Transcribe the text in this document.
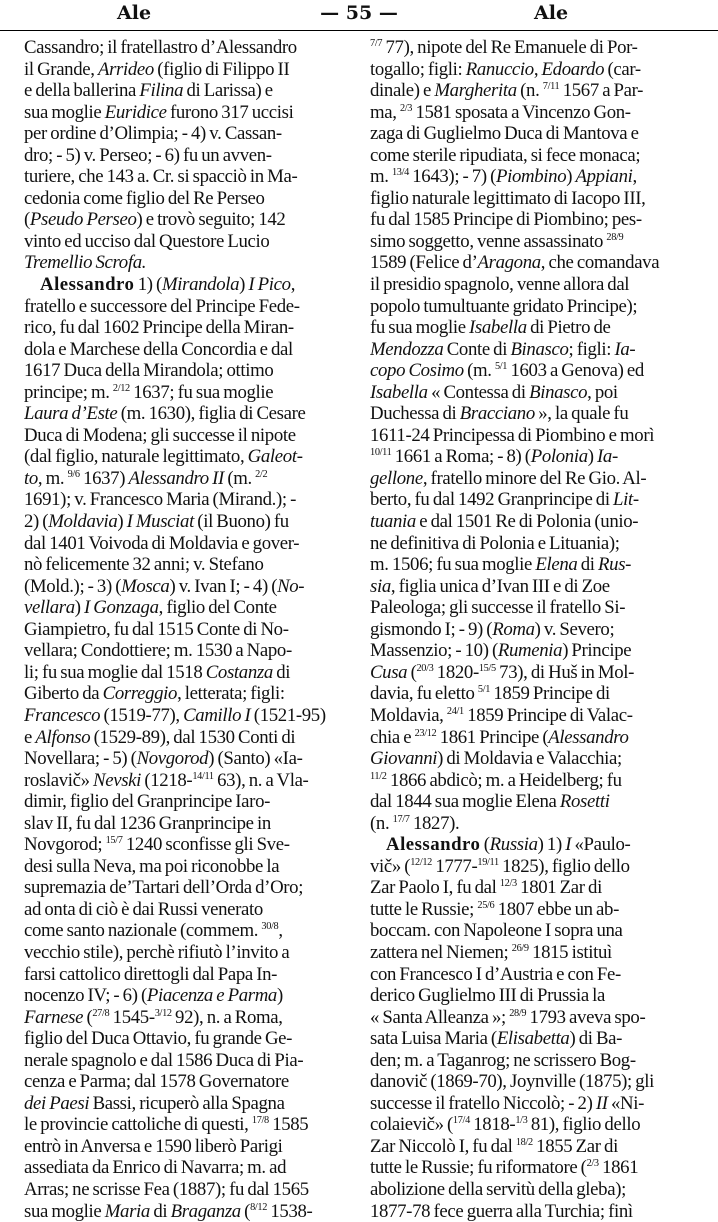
Ale	— 55 —	Ale
Cassandro; il fratellastro d’Alessandro
il Grande, Arrideo (figlio di Filippo II
e della ballerina Filina di Larissa) e
sua moglie Euridice furono 317 uccisi
per ordine d’Olimpia; - 4) v. Cassan-
dro; - 5) v. Perseo; - 6) fu un avven-
turiere, che 143 a. Cr. si spacciò in Ma-
cedonia come figlio del Re Perseo
(Pseudo Perseo) e trovò seguito; 142
vinto ed ucciso dal Questore Lucio
Tremellio Scrofa.
Alessandro 1) (Mirandola) I Pico,
fratello e successore del Principe Fede-
rico, fu dal 1602 Principe della Miran-
dola e Marchese della Concordia e dal
1617 Duca della Mirandola; ottimo
principe; m. $^{2/12}$ 1637; fu sua moglie
Laura d’Este (m. 1630), figlia di Cesare
Duca di Modena; gli successe il nipote
(dal figlio, naturale legittimato, Galeot-
to, m. $^{9/6}$ 1637) Alessandro II (m. $^{2/2}$
1691); v. Francesco Maria (Mirand.); -
2) (Moldavia) I Musciat (il Buono) fu
dal 1401 Voivoda di Moldavia e gover-
nò felicemente 32 anni; v. Stefano
(Mold.); - 3) (Mosca) v. Ivan I; - 4) (No-
vellara) I Gonzaga, figlio del Conte
Giampietro, fu dal 1515 Conte di No-
vellara; Condottiere; m. 1530 a Napo-
li; fu sua moglie dal 1518 Costanza di
Giberto da Correggio, letterata; figli:
Francesco (1519-77), Camillo I (1521-95)
e Alfonso (1529-89), dal 1530 Conti di
Novellara; - 5) (Novgorod) (Santo) «Ia-
roslavič» Nevski (1218-$^{14/11}$ 63), n. a Vla-
dimir, figlio del Granprincipe Iaro-
slav II, fu dal 1236 Granprincipe in
Novgorod; $^{15/7}$ 1240 sconfisse gli Sve-
desi sulla Neva, ma poi riconobbe la
supremazia de’Tartari dell’Orda d’Oro;
ad onta di ciò è dai Russi venerato
come santo nazionale (commem. $^{30/8}$,
vecchio stile), perchè rifiutò l’invito a
farsi cattolico direttogli dal Papa In-
nocenzo IV; - 6) (Piacenza e Parma)
Farnese ($^{27/8}$ 1545-$^{3/12}$ 92), n. a Roma,
figlio del Duca Ottavio, fu grande Ge-
nerale spagnolo e dal 1586 Duca di Pia-
cenza e Parma; dal 1578 Governatore
dei Paesi Bassi, ricuperò alla Spagna
le provincie cattoliche di questi, $^{17/8}$ 1585
entrò in Anversa e 1590 liberò Parigi
assediata da Enrico di Navarra; m. ad
Arras; ne scrisse Fea (1887); fu dal 1565
sua moglie Maria di Braganza ($^{8/12}$ 1538-
$^{7/7}$ 77), nipote del Re Emanuele di Por-
togallo; figli: Ranuccio, Edoardo (car-
dinale) e Margherita (n. $^{7/11}$ 1567 a Par-
ma, $^{2/3}$ 1581 sposata a Vincenzo Gon-
zaga di Guglielmo Duca di Mantova e
come sterile ripudiata, si fece monaca;
m. $^{13/4}$ 1643); - 7) (Piombino) Appiani,
figlio naturale legittimato di Iacopo III,
fu dal 1585 Principe di Piombino; pes-
simo soggetto, venne assassinato $^{28/9}$
1589 (Felice d’Aragona, che comandava
il presidio spagnolo, venne allora dal
popolo tumultuante gridato Principe);
fu sua moglie Isabella di Pietro de
Mendozza Conte di Binasco; figli: Ia-
copo Cosimo (m. $^{5/1}$ 1603 a Genova) ed
Isabella « Contessa di Binasco, poi
Duchessa di Bracciano », la quale fu
1611-24 Principessa di Piombino e morì
$^{10/11}$ 1661 a Roma; - 8) (Polonia) Ia-
gellone, fratello minore del Re Gio. Al-
berto, fu dal 1492 Granprincipe di Lit-
tuania e dal 1501 Re di Polonia (unio-
ne definitiva di Polonia e Lituania);
m. 1506; fu sua moglie Elena di Rus-
sia, figlia unica d’Ivan III e di Zoe
Paleologa; gli successe il fratello Si-
gismondo I; - 9) (Roma) v. Severo;
Massenzio; - 10) (Rumenia) Principe
Cusa ($^{20/3}$ 1820-$^{15/5}$ 73), di Huš in Mol-
davia, fu eletto $^{5/1}$ 1859 Principe di
Moldavia, $^{24/1}$ 1859 Principe di Valac-
chia e $^{23/12}$ 1861 Principe (Alessandro
Giovanni) di Moldavia e Valacchia;
$^{11/2}$ 1866 abdicò; m. a Heidelberg; fu
dal 1844 sua moglie Elena Rosetti
(n. $^{17/7}$ 1827).
Alessandro (Russia) 1) I «Paulo-
vič» ($^{12/12}$ 1777-$^{19/11}$ 1825), figlio dello
Zar Paolo I, fu dal $^{12/3}$ 1801 Zar di
tutte le Russie; $^{25/6}$ 1807 ebbe un ab-
boccam. con Napoleone I sopra una
zattera nel Niemen; $^{26/9}$ 1815 istituì
con Francesco I d’Austria e con Fe-
derico Guglielmo III di Prussia la
« Santa Alleanza »; $^{28/9}$ 1793 aveva spo-
sata Luisa Maria (Elisabetta) di Ba-
den; m. a Taganrog; ne scrissero Bog-
danovič (1869-70), Joynville (1875); gli
successe il fratello Niccolò; - 2) II «Ni-
colaievič» ($^{17/4}$ 1818-$^{1/3}$ 81), figlio dello
Zar Niccolò I, fu dal $^{18/2}$ 1855 Zar di
tutte le Russie; fu riformatore ($^{2/3}$ 1861
abolizione della servitù della gleba);
1877-78 fece guerra alla Turchia; finì
